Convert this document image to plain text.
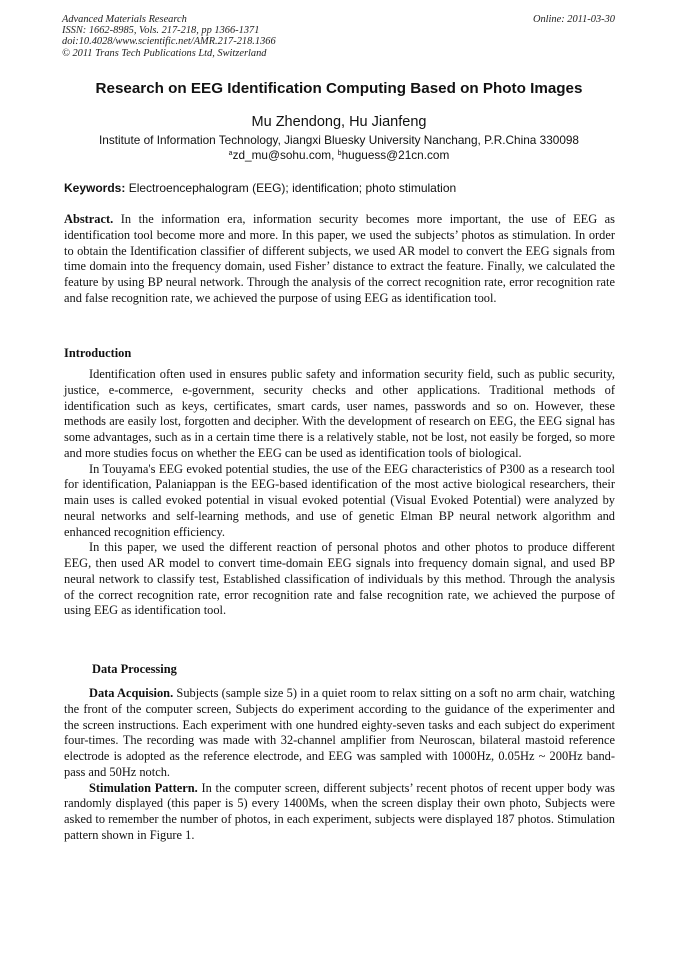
Advanced Materials Research
ISSN: 1662-8985, Vols. 217-218, pp 1366-1371
doi:10.4028/www.scientific.net/AMR.217-218.1366
© 2011 Trans Tech Publications Ltd, Switzerland
Online: 2011-03-30
Research on EEG Identification Computing Based on Photo Images
Mu Zhendong, Hu Jianfeng
Institute of Information Technology, Jiangxi Bluesky University Nanchang, P.R.China 330098
$^a$zd_mu@sohu.com, $^b$huguess@21cn.com
Keywords: Electroencephalogram (EEG); identification; photo stimulation
Abstract. In the information era, information security becomes more important, the use of EEG as identification tool become more and more. In this paper, we used the subjects’ photos as stimulation. In order to obtain the Identification classifier of different subjects, we used AR model to convert the EEG signals from time domain into the frequency domain, used Fisher’ distance to extract the feature. Finally, we calculated the feature by using BP neural network. Through the analysis of the correct recognition rate, error recognition rate and false recognition rate, we achieved the purpose of using EEG as identification tool.
Introduction

Identification often used in ensures public safety and information security field, such as public security, justice, e-commerce, e-government, security checks and other applications. Traditional methods of identification such as keys, certificates, smart cards, user names, passwords and so on. However, these methods are easily lost, forgotten and decipher. With the development of research on EEG, the EEG signal has some advantages, such as in a certain time there is a relatively stable, not be lost, not easily be forged, so more and more studies focus on whether the EEG can be used as identification tools of biological.

In Touyama's EEG evoked potential studies, the use of the EEG characteristics of P300 as a research tool for identification, Palaniappan is the EEG-based identification of the most active biological researchers, their main uses is called evoked potential in visual evoked potential (Visual Evoked Potential) were analyzed by neural networks and self-learning methods, and use of genetic Elman BP neural network algorithm and enhanced recognition efficiency.

In this paper, we used the different reaction of personal photos and other photos to produce different EEG, then used AR model to convert time-domain EEG signals into frequency domain signal, and used BP neural network to classify test, Established classification of individuals by this method. Through the analysis of the correct recognition rate, error recognition rate and false recognition rate, we achieved the purpose of using EEG as identification tool.

Data Processing

Data Acquision. Subjects (sample size 5) in a quiet room to relax sitting on a soft no arm chair, watching the front of the computer screen, Subjects do experiment according to the guidance of the experimenter and the screen instructions. Each experiment with one hundred eighty-seven tasks and each subject do experiment four-times. The recording was made with 32-channel amplifier from Neuroscan, bilateral mastoid reference electrode is adopted as the reference electrode, and EEG was sampled with 1000Hz, 0.05Hz ~ 200Hz band-pass and 50Hz notch.

Stimulation Pattern. In the computer screen, different subjects’ recent photos of recent upper body was randomly displayed (this paper is 5) every 1400Ms, when the screen display their own photo, Subjects were asked to remember the number of photos, in each experiment, subjects were displayed 187 photos. Stimulation pattern shown in Figure 1.
